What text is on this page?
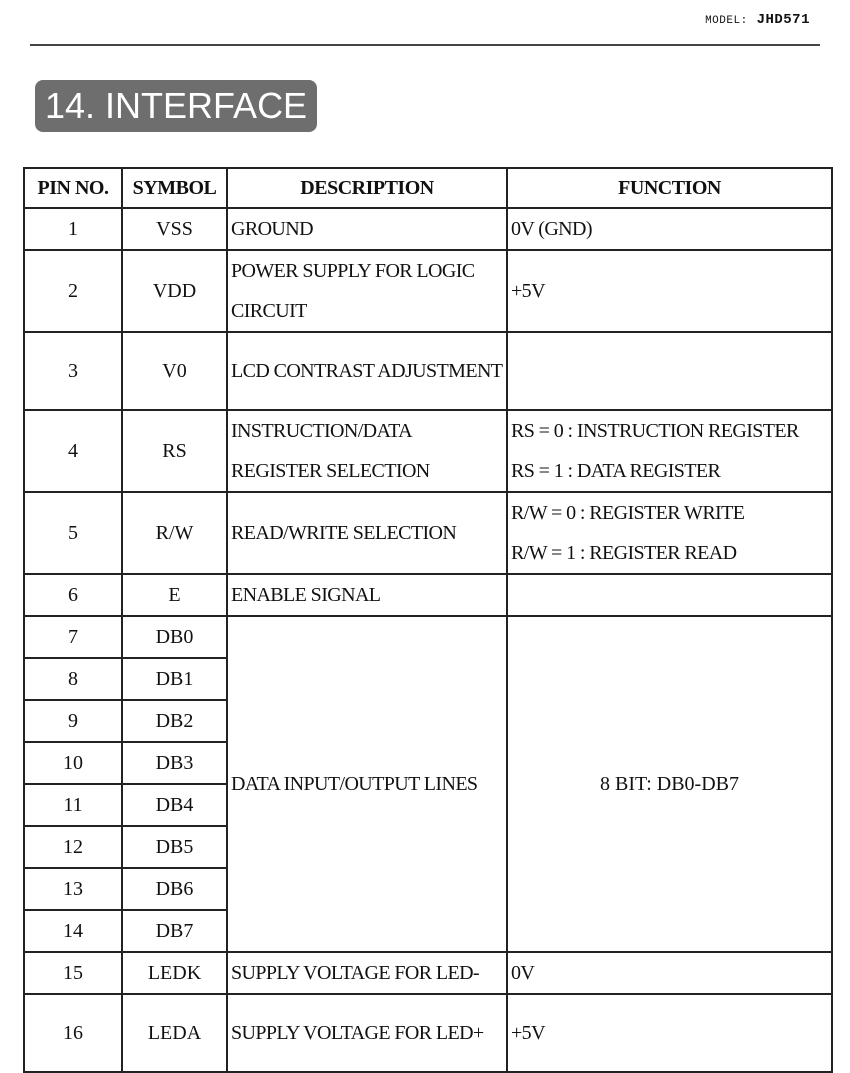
MODEL: JHD571
14. INTERFACE
PIN NO.	SYMBOL	DESCRIPTION	FUNCTION
1	VSS	GROUND	0V (GND)

2	VDD	POWER SUPPLY FOR LOGIC CIRCUIT	+5V

3	V0	LCD CONTRAST ADJUSTMENT	

4	RS	INSTRUCTION/DATA REGISTER SELECTION	RS = 0 : INSTRUCTION REGISTER
RS = 1 : DATA REGISTER

5	R/W	READ/WRITE SELECTION	R/W = 0 : REGISTER WRITE
R/W = 1 : REGISTER READ

6	E	ENABLE SIGNAL	

7	DB0	DATA INPUT/OUTPUT LINES	8 BIT: DB0-DB7
8	DB1		
9	DB2		
10	DB3		
11	DB4		
12	DB5		
13	DB6		
14	DB7		
15	LEDK	SUPPLY VOLTAGE FOR LED-	0V

16	LEDA	SUPPLY VOLTAGE FOR LED+	+5V
